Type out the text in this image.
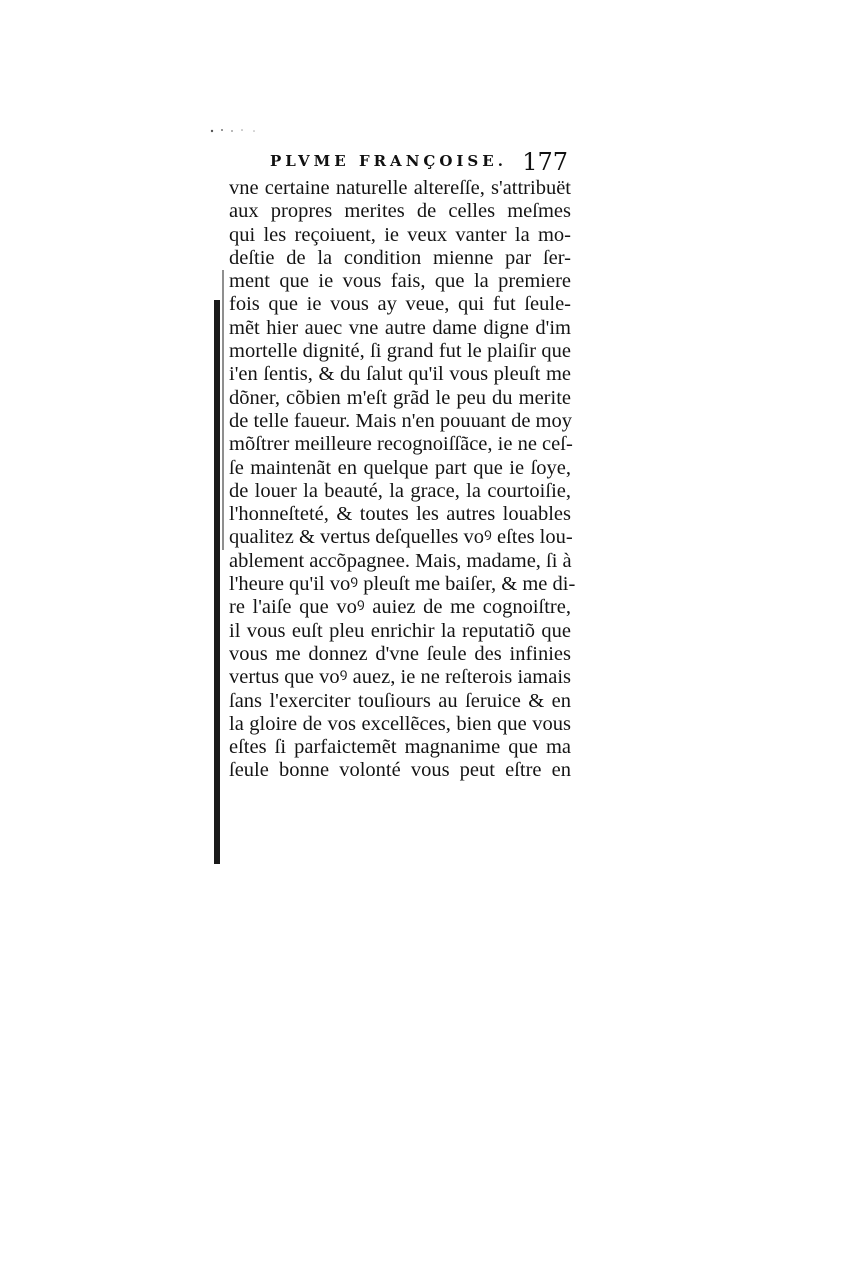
PLVME FRANÇOISE. 177
vne certaine naturelle altereſſe, s'attribuët
aux propres merites de celles meſmes
qui les reçoiuent, ie veux vanter la mo-
deſtie de la condition mienne par ſer-
ment que ie vous fais, que la premiere
fois que ie vous ay veue, qui fut ſeule-
mẽt hier auec vne autre dame digne d'im
mortelle dignité, ſi grand fut le plaiſir que
i'en ſentis, & du ſalut qu'il vous pleuſt me
dõner, cõbien m'eſt grãd le peu du merite
de telle faueur. Mais n'en pouuant de moy
mõſtrer meilleure recognoiſſãce, ie ne ceſ-
ſe maintenãt en quelque part que ie ſoye,
de louer la beauté, la grace, la courtoiſie,
l'honneſteté, & toutes les autres louables
qualitez & vertus deſquelles voꝰ eſtes lou-
ablement accõpagnee. Mais, madame, ſi à
l'heure qu'il voꝰ pleuſt me baiſer, & me di-
re l'aiſe que voꝰ auiez de me cognoiſtre,
il vous euſt pleu enrichir la reputatiõ que
vous me donnez d'vne ſeule des infinies
vertus que voꝰ auez, ie ne reſterois iamais
ſans l'exerciter touſiours au ſeruice & en
la gloire de vos excellẽces, bien que vous
eſtes ſi parfaictemẽt magnanime que ma
ſeule bonne volonté vous peut eſtre en
